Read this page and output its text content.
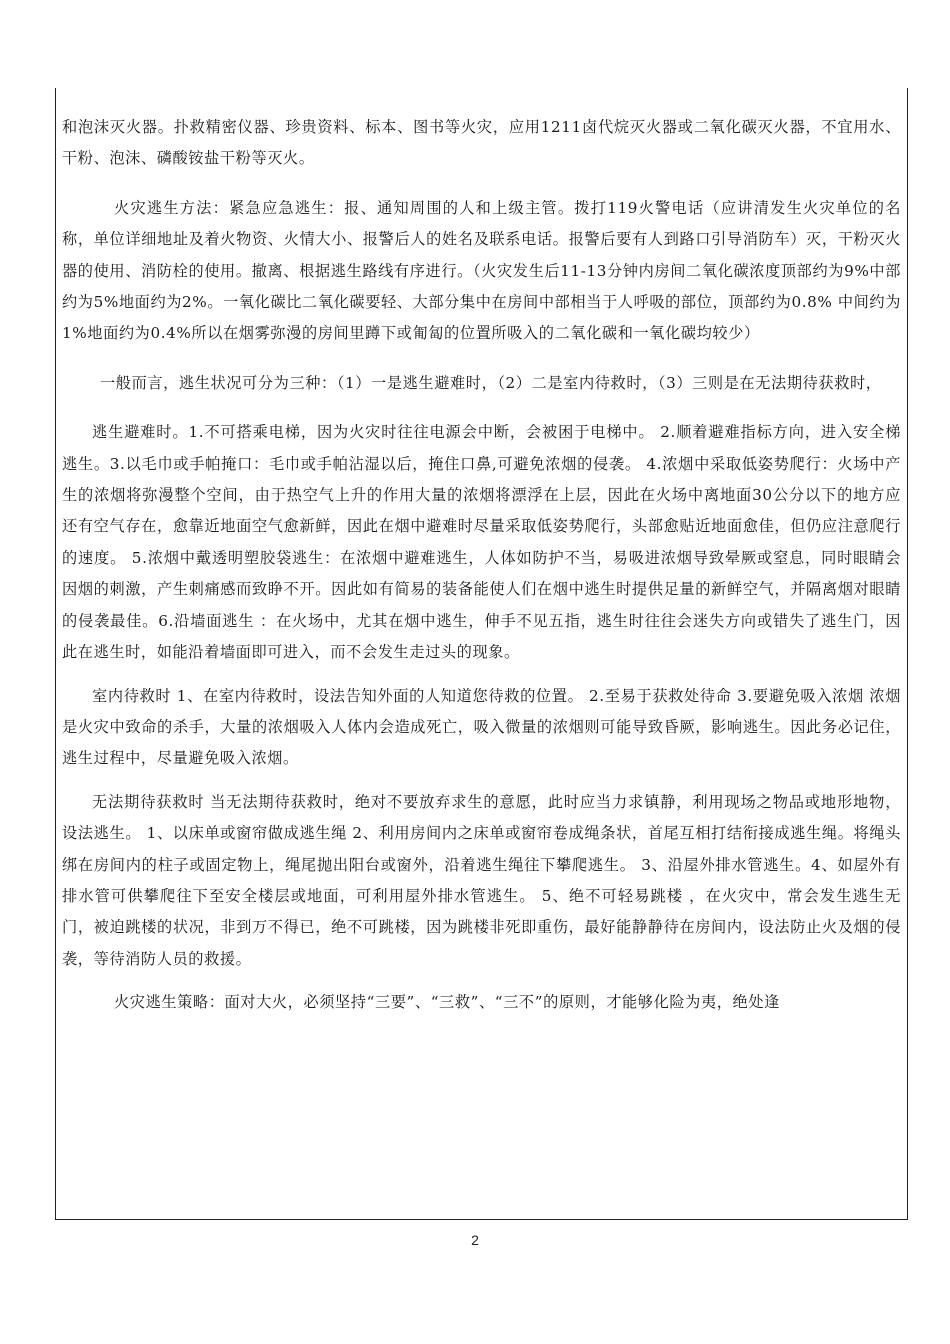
和泡沫灭火器。扑救精密仪器、珍贵资料、标本、图书等火灾，应用1211卤代烷灭火器或二氧化碳灭火器，不宜用水、干粉、泡沫、磷酸铵盐干粉等灭火。

火灾逃生方法：紧急应急逃生：报、通知周围的人和上级主管。拨打119火警电话（应讲清发生火灾单位的名称，单位详细地址及着火物资、火情大小、报警后人的姓名及联系电话。报警后要有人到路口引导消防车）灭，干粉灭火器的使用、消防栓的使用。撤离、根据逃生路线有序进行。（火灾发生后11-13分钟内房间二氧化碳浓度顶部约为9%中部约为5%地面约为2%。一氧化碳比二氧化碳要轻、大部分集中在房间中部相当于人呼吸的部位，顶部约为0.8% 中间约为1%地面约为0.4%所以在烟雾弥漫的房间里蹲下或匍匐的位置所吸入的二氧化碳和一氧化碳均较少）

一般而言，逃生状况可分为三种：（1）一是逃生避难时，（2）二是室内待救时，（3）三则是在无法期待获救时，

逃生避难时。1.不可搭乘电梯，因为火灾时往往电源会中断，会被困于电梯中。 2.顺着避难指标方向，进入安全梯逃生。3.以毛巾或手帕掩口：毛巾或手帕沾湿以后，掩住口鼻,可避免浓烟的侵袭。 4.浓烟中采取低姿势爬行：火场中产生的浓烟将弥漫整个空间，由于热空气上升的作用大量的浓烟将漂浮在上层，因此在火场中离地面30公分以下的地方应还有空气存在，愈靠近地面空气愈新鲜，因此在烟中避难时尽量采取低姿势爬行，头部愈贴近地面愈佳，但仍应注意爬行的速度。 5.浓烟中戴透明塑胶袋逃生：在浓烟中避难逃生，人体如防护不当，易吸进浓烟导致晕厥或窒息，同时眼睛会因烟的刺激，产生刺痛感而致睁不开。因此如有简易的装备能使人们在烟中逃生时提供足量的新鲜空气，并隔离烟对眼睛的侵袭最佳。6.沿墙面逃生 ：在火场中，尤其在烟中逃生，伸手不见五指，逃生时往往会迷失方向或错失了逃生门，因此在逃生时，如能沿着墙面即可进入，而不会发生走过头的现象。

室内待救时 1、在室内待救时，设法告知外面的人知道您待救的位置。 2.至易于获救处待命 3.要避免吸入浓烟 浓烟是火灾中致命的杀手，大量的浓烟吸入人体内会造成死亡，吸入微量的浓烟则可能导致昏厥，影响逃生。因此务必记住，逃生过程中，尽量避免吸入浓烟。

无法期待获救时 当无法期待获救时，绝对不要放弃求生的意愿，此时应当力求镇静，利用现场之物品或地形地物，设法逃生。 1、以床单或窗帘做成逃生绳 2、利用房间内之床单或窗帘卷成绳条状，首尾互相打结衔接成逃生绳。将绳头绑在房间内的柱子或固定物上，绳尾抛出阳台或窗外，沿着逃生绳往下攀爬逃生。 3、沿屋外排水管逃生。4、如屋外有排水管可供攀爬往下至安全楼层或地面，可利用屋外排水管逃生。 5、绝不可轻易跳楼 ，在火灾中，常会发生逃生无门，被迫跳楼的状况，非到万不得已，绝不可跳楼，因为跳楼非死即重伤，最好能静静待在房间内，设法防止火及烟的侵袭，等待消防人员的救援。

火灾逃生策略：面对大火，必须坚持“三要”、“三救”、“三不”的原则，才能够化险为夷，绝处逢

2
